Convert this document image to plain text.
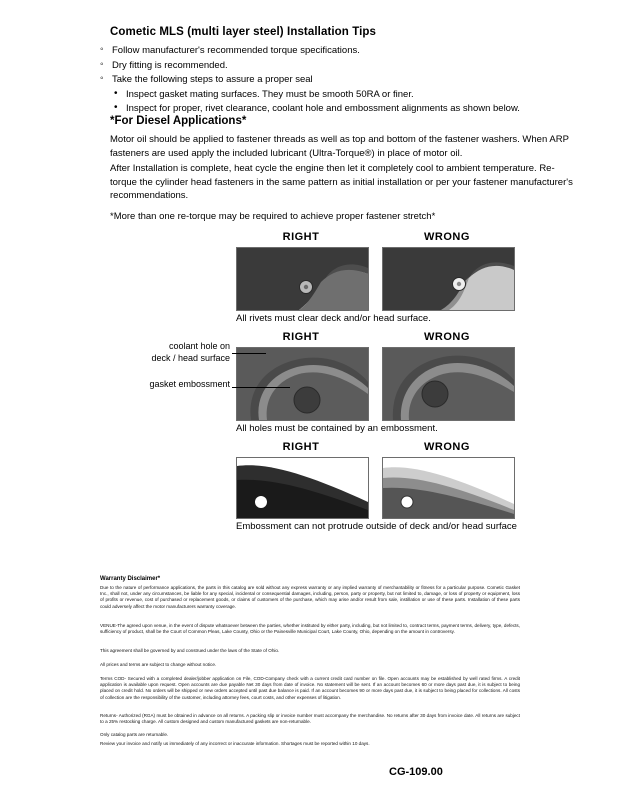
Cometic MLS (multi layer steel) Installation Tips
◦ Follow manufacturer's recommended torque specifications.
◦ Dry fitting is recommended.
◦ Take the following steps to assure a proper seal
• Inspect gasket mating surfaces. They must be smooth 50RA or finer.
• Inspect for proper, rivet clearance, coolant hole and embossment alignments as shown below.
*For Diesel Applications*
Motor oil should be applied to fastener threads as well as top and bottom of the fastener washers. When ARP fasteners are used apply the included lubricant (Ultra-Torque®) in place of motor oil.
After Installation is complete, heat cycle the engine then let it completely cool to ambient temperature. Re-torque the cylinder head fasteners in the same pattern as initial installation or per your fastener manufacturer's recommendations.
*More than one re-torque may be required to achieve proper fastener stretch*
RIGHT	WRONG
All rivets must clear deck and/or head surface.
RIGHT	WRONG
coolant hole on
deck / head surface
gasket embossment
All holes must be contained by an embossment.
RIGHT	WRONG
Embossment can not protrude outside of deck and/or head surface
Warranty Disclaimer*
Due to the nature of performance applications, the parts in this catalog are sold without any express warranty or any implied warranty of merchantability or fitness for a particular purpose. Cometic Gasket Inc., shall not, under any circumstances, be liable for any special, incidental or consequential damages, including, person, party or property, but not limited to, damage, or loss of property or equipment, loss of profits or revenue, cost of purchased or replacement goods, or claims of customers of the purchase, which may arise and/or result from sale, instillation or use of these parts. Installation of these parts could adversely affect the motor manufacturers warranty coverage.
VENUE-The agreed upon venue, in the event of dispute whatsoever between the parties, whether instituted by either party, including, but not limited to, contract terms, payment terms, delivery, type, defects, sufficiency of product, shall be the Court of Common Pleas, Lake County, Ohio or the Painesville Municipal Court, Lake County, Ohio, depending on the amount in controversy.
This agreement shall be governed by and construed under the laws of the State of Ohio.
All prices and terms are subject to change without notice.
Terms COD- Secured with a completed dealer/jobber application on File, COD-Company check with a current credit card number on file. Open accounts may be established by well rated firms. A credit application is available upon request. Open accounts are due payable Net 30 days from date of invoice. No statement will be sent. If an account becomes 60 or more days past due, it is subject to being placed on credit hold. No orders will be shipped or new orders accepted until past due balance is paid. If an account becomes 90 or more days past due, it is subject to being placed for collections. All costs of collection are the responsibility of the customer, including attorney fees, court costs, and other expenses of litigation.
Returns- Authorized (RGA) must be obtained in advance on all returns. A packing slip or invoice number must accompany the merchandise. No returns after 30 days from invoice date. All returns are subject to a 25% restocking charge. All custom designed and custom manufactured gaskets are non-returnable.
Only catalog parts are returnable.
Review your invoice and notify us immediately of any incorrect or inaccurate information. Shortages must be reported within 10 days.
CG-109.00
